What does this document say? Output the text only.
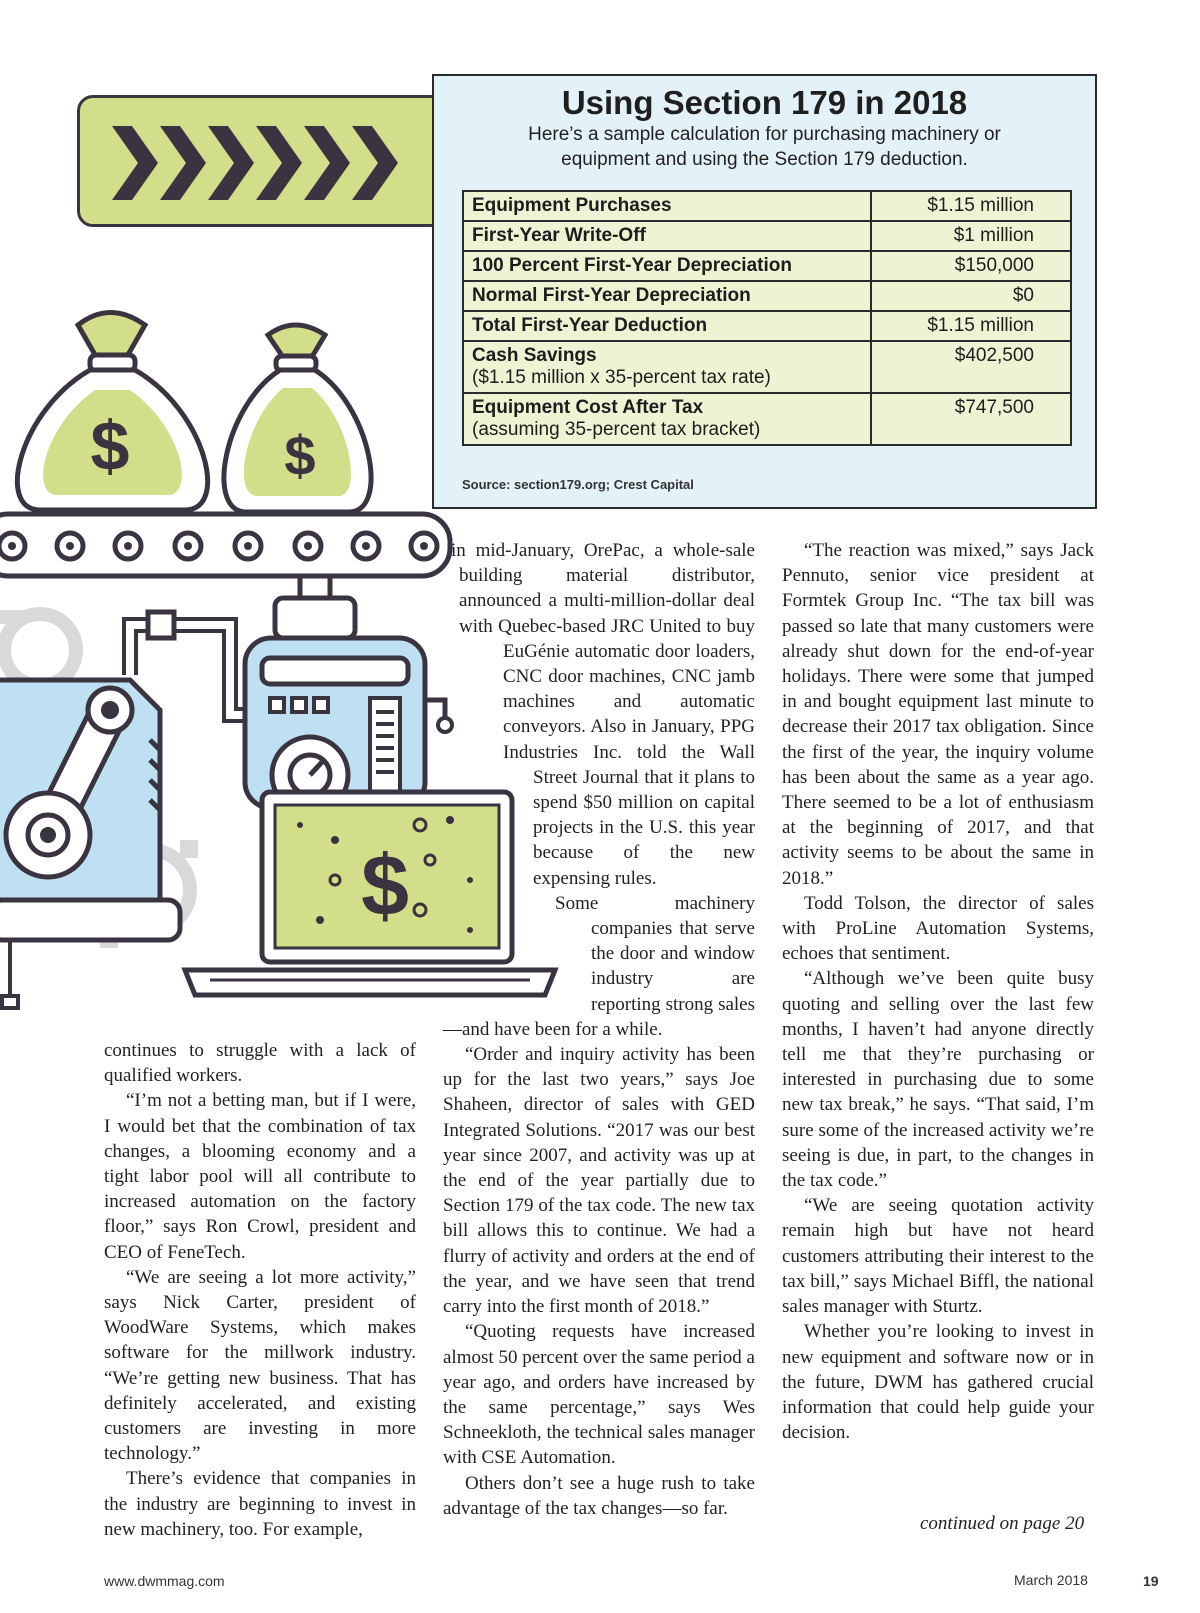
$	$
$
Using Section 179 in 2018
Here’s a sample calculation for purchasing machinery or
equipment and using the Section 179 deduction.
Equipment Purchases	$1.15 million
First-Year Write-Off	$1 million
100 Percent First-Year Depreciation	$150,000
Normal First-Year Depreciation	$0
Total First-Year Deduction	$1.15 million
Cash Savings
($1.15 million x 35-percent tax rate)	$402,500
Equipment Cost After Tax
(assuming 35-percent tax bracket)	$747,500
Source: section179.org; Crest Capital

in mid-January, OrePac, a whole-sale building material distributor, announced a multi-million-dollar deal with Quebec-based JRC United to buy EuGénie automatic door loaders, CNC door machines, CNC jamb machines and automatic conveyors. Also in January, PPG Industries Inc. told the Wall Street Journal that it plans to spend $50 million on capital projects in the U.S. this year because of the new expensing rules.

Some machinery companies that serve the door and window industry are reporting strong sales—and have been for a while.

“Order and inquiry activity has been up for the last two years,” says Joe Shaheen, director of sales with GED Integrated Solutions. “2017 was our best year since 2007, and activity was up at the end of the year partially due to Section 179 of the tax code. The new tax bill allows this to continue. We had a flurry of activity and orders at the end of the year, and we have seen that trend carry into the first month of 2018.”

“Quoting requests have increased almost 50 percent over the same period a year ago, and orders have increased by the same percentage,” says Wes Schneekloth, the technical sales manager with CSE Automation.

Others don’t see a huge rush to take advantage of the tax changes—so far.

continues to struggle with a lack of qualified workers.

“I’m not a betting man, but if I were, I would bet that the combination of tax changes, a blooming economy and a tight labor pool will all contribute to increased automation on the factory floor,” says Ron Crowl, president and CEO of FeneTech.

“We are seeing a lot more activity,” says Nick Carter, president of WoodWare Systems, which makes software for the millwork industry. “We’re getting new business. That has definitely accelerated, and existing customers are investing in more technology.”

There’s evidence that companies in the industry are beginning to invest in new machinery, too. For example,

“The reaction was mixed,” says Jack Pennuto, senior vice president at Formtek Group Inc. “The tax bill was passed so late that many customers were already shut down for the end-of-year holidays. There were some that jumped in and bought equipment last minute to decrease their 2017 tax obligation. Since the first of the year, the inquiry volume has been about the same as a year ago. There seemed to be a lot of enthusiasm at the beginning of 2017, and that activity seems to be about the same in 2018.”

Todd Tolson, the director of sales with ProLine Automation Systems, echoes that sentiment.

“Although we’ve been quite busy quoting and selling over the last few months, I haven’t had anyone directly tell me that they’re purchasing or interested in purchasing due to some new tax break,” he says. “That said, I’m sure some of the increased activity we’re seeing is due, in part, to the changes in the tax code.”

“We are seeing quotation activity remain high but have not heard customers attributing their interest to the tax bill,” says Michael Biffl, the national sales manager with Sturtz.

Whether you’re looking to invest in new equipment and software now or in the future, DWM has gathered crucial information that could help guide your decision.

continued on page 20
www.dwmmag.com	March 2018	19
